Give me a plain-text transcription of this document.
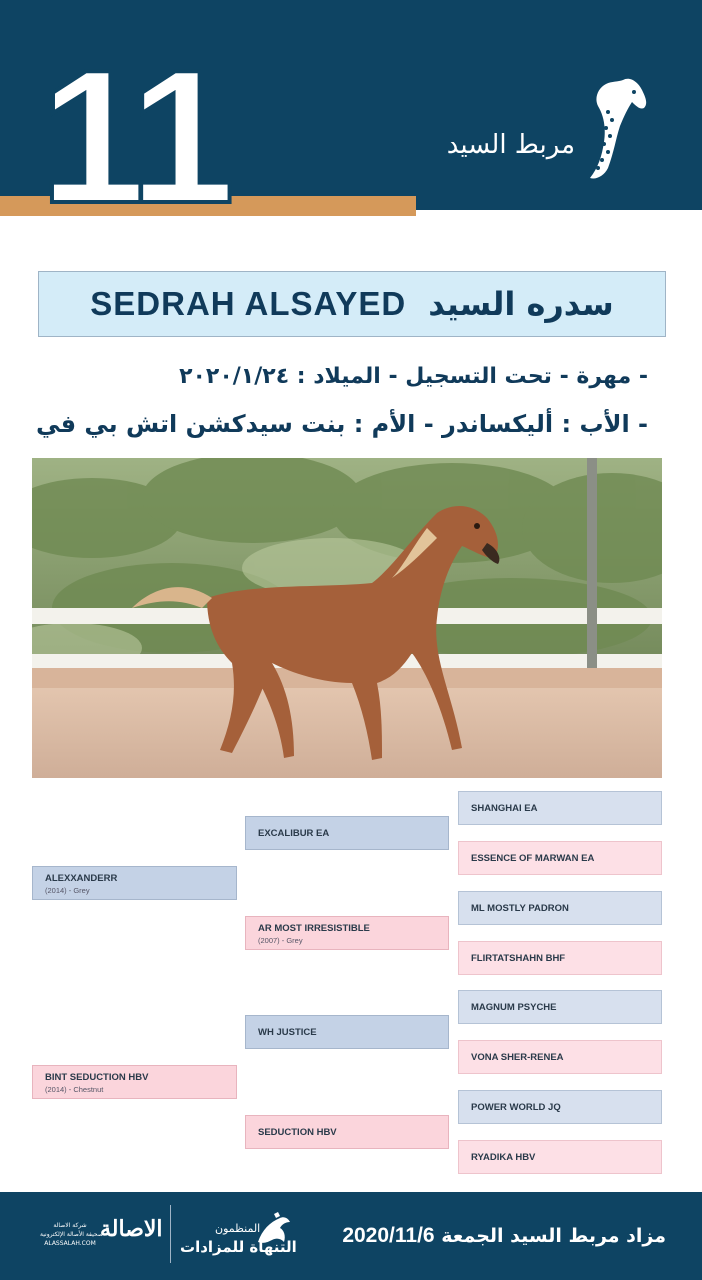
11	مربط السيد
SEDRAH ALSAYED سدره السيد
- مهرة - تحت التسجيل - الميلاد : ٢٠٢٠/١/٢٤
- الأب : أليكساندر - الأم : بنت سيدكشن اتش بي في
ALEXXANDERR
(2014) - Grey
BINT SEDUCTION HBV
(2014) - Chestnut
EXCALIBUR EA
AR MOST IRRESISTIBLE
(2007) - Grey
WH JUSTICE
SEDUCTION HBV
SHANGHAI EA
ESSENCE OF MARWAN EA
ML MOSTLY PADRON
FLIRTATSHAHN BHF
MAGNUM PSYCHE
VONA SHER-RENEA
POWER WORLD JQ
RYADIKA HBV
مزاد مربط السيد الجمعة 2020/11/6
المنظمون
التنهاة للمزادات
الاصالة
شركة الاصالة
صحيفة الأصالة الإلكترونية
ALASSALAH.COM
